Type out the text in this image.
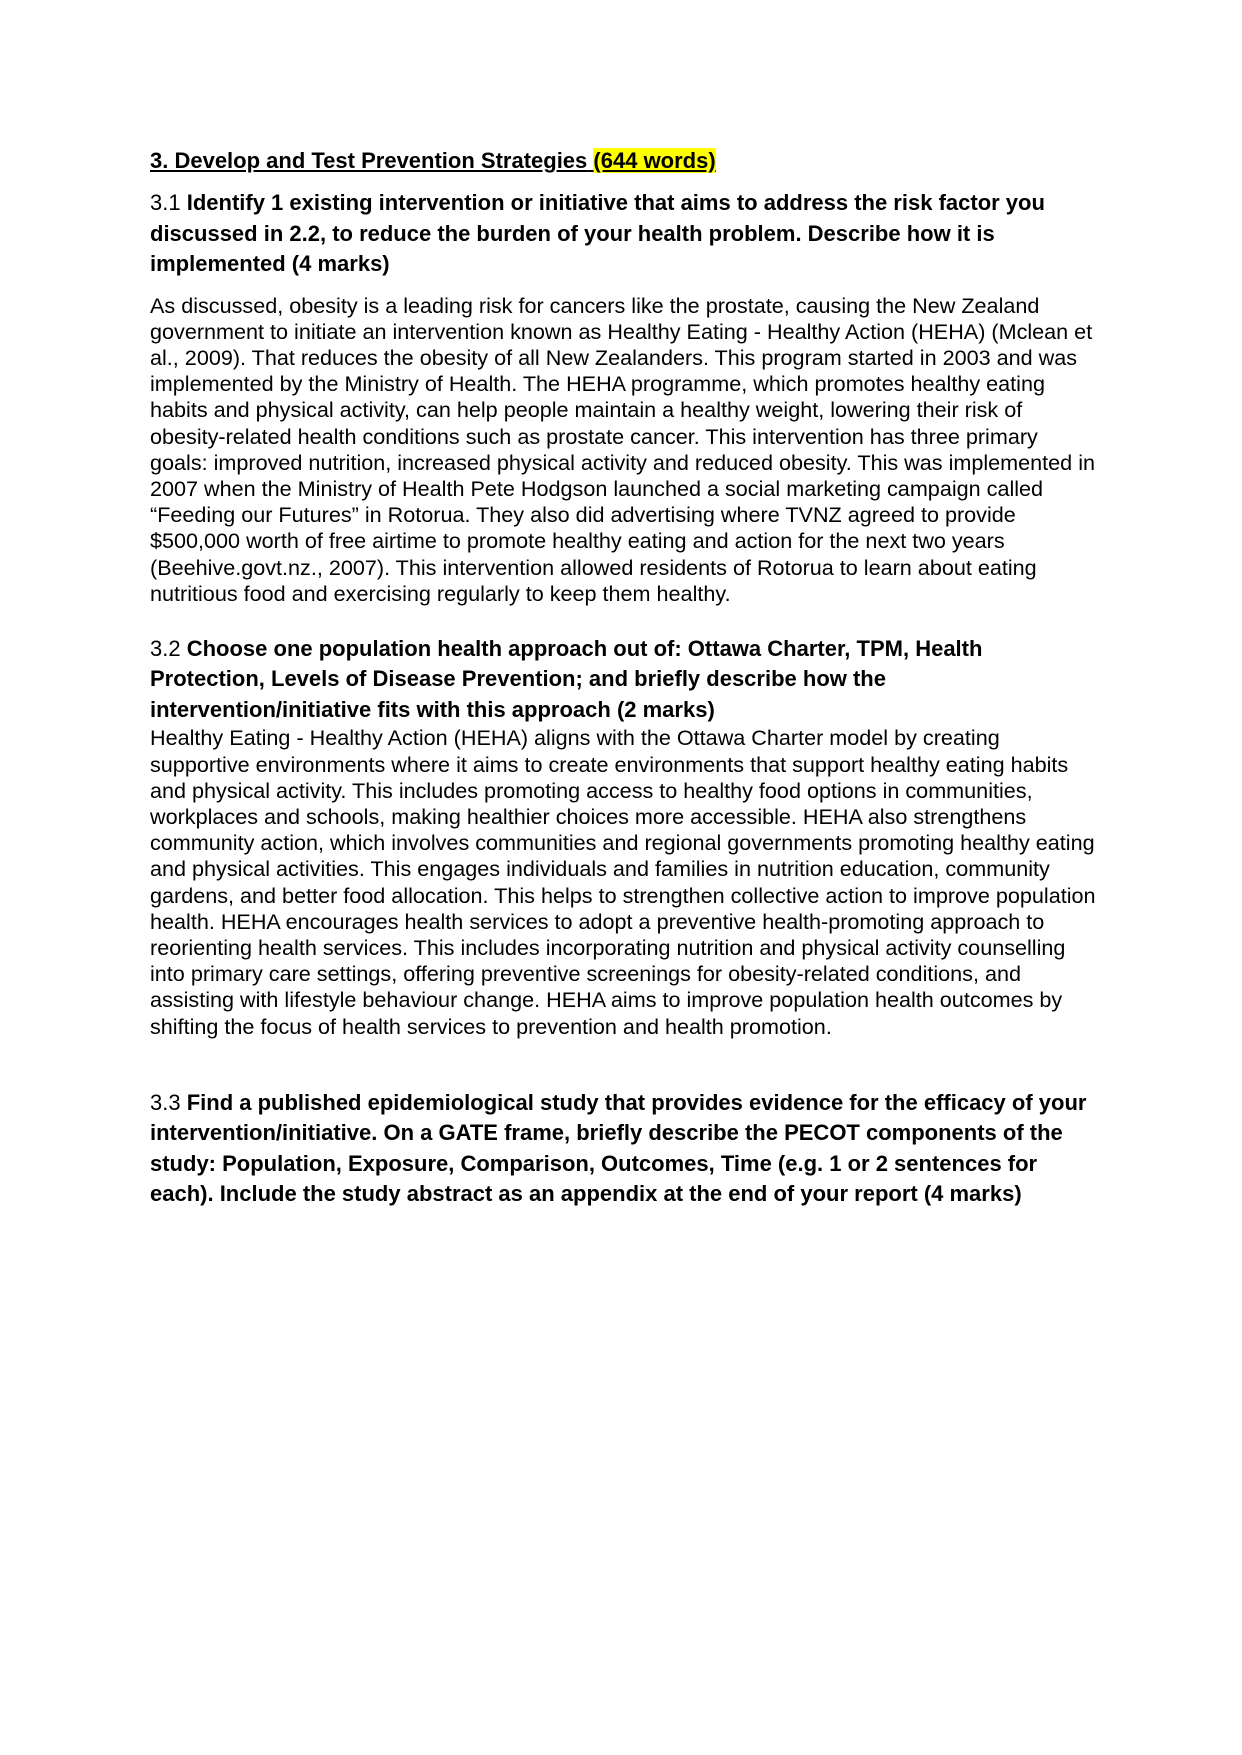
3. Develop and Test Prevention Strategies (644 words)

3.1 Identify 1 existing intervention or initiative that aims to address the risk factor you discussed in 2.2, to reduce the burden of your health problem. Describe how it is implemented (4 marks)

As discussed, obesity is a leading risk for cancers like the prostate, causing the New Zealand government to initiate an intervention known as Healthy Eating - Healthy Action (HEHA) (Mclean et al., 2009). That reduces the obesity of all New Zealanders. This program started in 2003 and was implemented by the Ministry of Health. The HEHA programme, which promotes healthy eating habits and physical activity, can help people maintain a healthy weight, lowering their risk of obesity-related health conditions such as prostate cancer. This intervention has three primary goals: improved nutrition, increased physical activity and reduced obesity. This was implemented in 2007 when the Ministry of Health Pete Hodgson launched a social marketing campaign called “Feeding our Futures” in Rotorua. They also did advertising where TVNZ agreed to provide $500,000 worth of free airtime to promote healthy eating and action for the next two years (Beehive.govt.nz., 2007). This intervention allowed residents of Rotorua to learn about eating nutritious food and exercising regularly to keep them healthy.

3.2 Choose one population health approach out of: Ottawa Charter, TPM, Health Protection, Levels of Disease Prevention; and briefly describe how the intervention/initiative fits with this approach (2 marks)

Healthy Eating - Healthy Action (HEHA) aligns with the Ottawa Charter model by creating supportive environments where it aims to create environments that support healthy eating habits and physical activity. This includes promoting access to healthy food options in communities, workplaces and schools, making healthier choices more accessible. HEHA also strengthens community action, which involves communities and regional governments promoting healthy eating and physical activities. This engages individuals and families in nutrition education, community gardens, and better food allocation. This helps to strengthen collective action to improve population health. HEHA encourages health services to adopt a preventive health-promoting approach to reorienting health services. This includes incorporating nutrition and physical activity counselling into primary care settings, offering preventive screenings for obesity-related conditions, and assisting with lifestyle behaviour change. HEHA aims to improve population health outcomes by shifting the focus of health services to prevention and health promotion.

3.3 Find a published epidemiological study that provides evidence for the efficacy of your intervention/initiative. On a GATE frame, briefly describe the PECOT components of the study: Population, Exposure, Comparison, Outcomes, Time (e.g. 1 or 2 sentences for each). Include the study abstract as an appendix at the end of your report (4 marks)
